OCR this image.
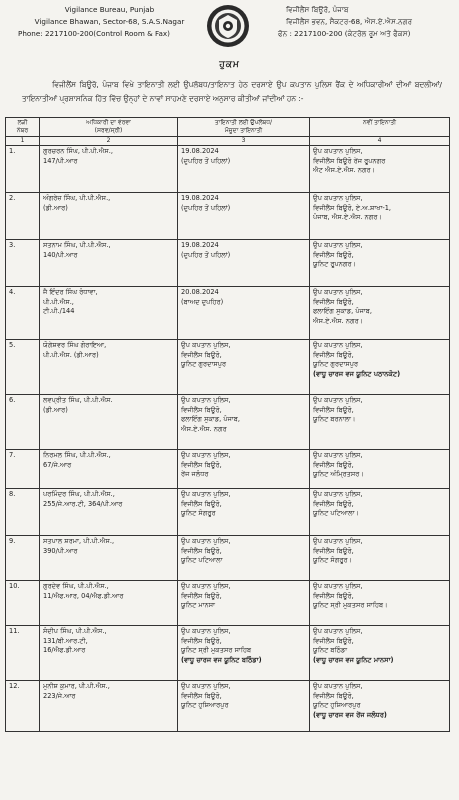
Vigilance Bureau, Punjab
Vigilance Bhawan, Sector-68, S.A.S.Nagar
Phone: 2217100-200(Control Room & Fax)
ਵਿਜੀਲੈਂਸ ਬਿਊਰੋ, ਪੰਜਾਬ
ਵਿਜੀਲੈਂਸ ਭਵਨ, ਸੈਕਟਰ-68, ਐਸ.ਏ.ਐਸ.ਨਗਰ
ਫੋਨ : 2217100-200 (ਕੰਟਰੋਲ ਰੂਮ ਅਤੇ ਫੈਕਸ)
ਹੁਕਮ
ਵਿਜੀਲੈਂਸ ਬਿਊਰੋ, ਪੰਜਾਬ ਵਿਖੇ ਤਾਇਨਾਤੀ ਲਈ ਉਪਲੱਬਧ/ਤਾਇਨਾਤ ਹੇਠ ਦਰਸਾਏ ਉਪ ਕਪਤਾਨ ਪੁਲਿਸ ਰੈਂਕ ਦੇ ਅਧਿਕਾਰੀਆਂ ਦੀਆਂ ਬਦਲੀਆਂ/ਤਾਇਨਾਤੀਆਂ ਪ੍ਰਸ਼ਾਸਨਿਕ ਹਿੱਤ ਵਿੱਚ ਉਨ੍ਹਾਂ ਦੇ ਨਾਵਾਂ ਸਾਹਮਣੇ ਦਰਸਾਏ ਅਨੁਸਾਰ ਕੀਤੀਆਂ ਜਾਂਦੀਆਂ ਹਨ :-
ਲੜੀ
ਨੰਬਰ	ਅਧਿਕਾਰੀ ਦਾ ਵੇਰਵਾ
(ਸਰਵ/ਸ੍ਰੀ)	ਤਾਇਨਾਤੀ ਲਈ ਉਪਲੱਬਧ/
ਮੌਜੂਦਾ ਤਾਇਨਾਤੀ	ਨਵੀਂ ਤਾਇਨਾਤੀ

1	2	3	4
1.	ਗੁਰਚਰਨ ਸਿੰਘ, ਪੀ.ਪੀ.ਐਸ.,
147/ਪੀ.ਆਰ	19.08.2024
(ਦੁਪਹਿਰ ਤੋਂ ਪਹਿਲਾਂ)	ਉਪ ਕਪਤਾਨ ਪੁਲਿਸ,
ਵਿਜੀਲੈਂਸ ਬਿਊਰੋ ਰੇਂਜ ਰੂਪਨਗਰ
ਐਟ ਐਸ.ਏ.ਐਸ. ਨਗਰ।

2.	ਅੰਗਰੇਜ਼ ਸਿੰਘ, ਪੀ.ਪੀ.ਐਸ.,
(ਡੀ.ਆਰ)	19.08.2024
(ਦੁਪਹਿਰ ਤੋਂ ਪਹਿਲਾਂ)	ਉਪ ਕਪਤਾਨ ਪੁਲਿਸ,
ਵਿਜੀਲੈਂਸ ਬਿਊਰੋ, ਏ.ਅ.ਸ਼ਾਖਾ-1,
ਪੰਜਾਬ, ਐਸ.ਏ.ਐਸ. ਨਗਰ।

3.	ਸਤਨਾਮ ਸਿੰਘ, ਪੀ.ਪੀ.ਐਸ.,
140/ਪੀ.ਆਰ	19.08.2024
(ਦੁਪਹਿਰ ਤੋਂ ਪਹਿਲਾਂ)	ਉਪ ਕਪਤਾਨ ਪੁਲਿਸ,
ਵਿਜੀਲੈਂਸ ਬਿਊਰੋ,
ਯੂਨਿਟ ਰੂਪਨਗਰ।

4.	ਜੈ ਇੰਦਰ ਸਿੰਘ ਰੰਧਾਵਾ,
ਪੀ.ਪੀ.ਐਸ.,
ਟੀ.ਪੀ./144	20.08.2024
(ਬਾਅਦ ਦੁਪਹਿਰ)	ਉਪ ਕਪਤਾਨ ਪੁਲਿਸ,
ਵਿਜੀਲੈਂਸ ਬਿਊਰੋ,
ਫਲਾਇੰਗ ਸੁਕਾਡ, ਪੰਜਾਬ,
ਐਸ.ਏ.ਐਸ. ਨਗਰ।

5.	ਯੋਗੇਸ਼ਵਰ ਸਿੰਘ ਗੋਰਾਇਆ,
ਪੀ.ਪੀ.ਐਸ. (ਡੀ.ਆਰ)	ਉਪ ਕਪਤਾਨ ਪੁਲਿਸ,
ਵਿਜੀਲੈਂਸ ਬਿਊਰੋ,
ਯੂਨਿਟ ਗੁਰਦਾਸਪੁਰ	ਉਪ ਕਪਤਾਨ ਪੁਲਿਸ,
ਵਿਜੀਲੈਂਸ ਬਿਊਰੋ,
ਯੂਨਿਟ ਗੁਰਦਾਸਪੁਰ
(ਵਾਧੂ ਚਾਰਜ ਵਜ ਯੂਨਿਟ ਪਠਾਨਕੋਟ)

6.	ਲਵਪ੍ਰੀਤ ਸਿੰਘ, ਪੀ.ਪੀ.ਐਸ.
(ਡੀ.ਆਰ)	ਉਪ ਕਪਤਾਨ ਪੁਲਿਸ,
ਵਿਜੀਲੈਂਸ ਬਿਊਰੋ,
ਫਲਾਇੰਗ ਸੁਕਾਡ, ਪੰਜਾਬ,
ਐਸ.ਏ.ਐਸ. ਨਗਰ	ਉਪ ਕਪਤਾਨ ਪੁਲਿਸ,
ਵਿਜੀਲੈਂਸ ਬਿਊਰੋ,
ਯੂਨਿਟ ਬਰਨਾਲਾ।

7.	ਨਿਰਮਲ ਸਿੰਘ, ਪੀ.ਪੀ.ਐਸ.,
67/ਜੇ.ਆਰ	ਉਪ ਕਪਤਾਨ ਪੁਲਿਸ,
ਵਿਜੀਲੈਂਸ ਬਿਊਰੋ,
ਰੇਂਜ ਜਲੰਧਰ	ਉਪ ਕਪਤਾਨ ਪੁਲਿਸ,
ਵਿਜੀਲੈਂਸ ਬਿਊਰੋ,
ਯੂਨਿਟ ਅੰਮ੍ਰਿਤਸਰ।

8.	ਪਰਮਿੰਦਰ ਸਿੰਘ, ਪੀ.ਪੀ.ਐਸ.,
255/ਜੇ.ਆਰ.ਟੀ, 364/ਪੀ.ਆਰ	ਉਪ ਕਪਤਾਨ ਪੁਲਿਸ,
ਵਿਜੀਲੈਂਸ ਬਿਊਰੋ,
ਯੂਨਿਟ ਸੰਗਰੂਰ	ਉਪ ਕਪਤਾਨ ਪੁਲਿਸ,
ਵਿਜੀਲੈਂਸ ਬਿਊਰੋ,
ਯੂਨਿਟ ਪਟਿਆਲਾ।

9.	ਸਤਪਾਲ ਸ਼ਰਮਾ, ਪੀ.ਪੀ.ਐਸ.,
390/ਪੀ.ਆਰ	ਉਪ ਕਪਤਾਨ ਪੁਲਿਸ,
ਵਿਜੀਲੈਂਸ ਬਿਊਰੋ,
ਯੂਨਿਟ ਪਟਿਆਲਾ	ਉਪ ਕਪਤਾਨ ਪੁਲਿਸ,
ਵਿਜੀਲੈਂਸ ਬਿਊਰੋ,
ਯੂਨਿਟ ਸੰਗਰੂਰ।

10.	ਗੁਰਦੇਵ ਸਿੰਘ, ਪੀ.ਪੀ.ਐਸ.,
11/ਐਫ.ਆਰ, 04/ਐਫ.ਡੀ.ਆਰ	ਉਪ ਕਪਤਾਨ ਪੁਲਿਸ,
ਵਿਜੀਲੈਂਸ ਬਿਊਰੋ,
ਯੂਨਿਟ ਮਾਨਸਾ	ਉਪ ਕਪਤਾਨ ਪੁਲਿਸ,
ਵਿਜੀਲੈਂਸ ਬਿਊਰੋ,
ਯੂਨਿਟ ਸ੍ਰੀ ਮੁਕਤਸਰ ਸਾਹਿਬ।

11.	ਸੰਦੀਪ ਸਿੰਘ, ਪੀ.ਪੀ.ਐਸ.,
131/ਬੀ.ਆਰ.ਟੀ,
16/ਐਫ.ਡੀ.ਆਰ	ਉਪ ਕਪਤਾਨ ਪੁਲਿਸ,
ਵਿਜੀਲੈਂਸ ਬਿਊਰੋ,
ਯੂਨਿਟ ਸ੍ਰੀ ਮੁਕਤਸਰ ਸਾਹਿਬ
(ਵਾਧੂ ਚਾਰਜ ਵਜ ਯੂਨਿਟ ਬਠਿੰਡਾ)	ਉਪ ਕਪਤਾਨ ਪੁਲਿਸ,
ਵਿਜੀਲੈਂਸ ਬਿਊਰੋ,
ਯੂਨਿਟ ਬਠਿੰਡਾ
(ਵਾਧੂ ਚਾਰਜ ਵਜ ਯੂਨਿਟ ਮਾਨਸਾ)

12.	ਮੁਨੀਸ਼ ਕੁਮਾਰ, ਪੀ.ਪੀ.ਐਸ.,
223/ਜੇ.ਆਰ	ਉਪ ਕਪਤਾਨ ਪੁਲਿਸ,
ਵਿਜੀਲੈਂਸ ਬਿਊਰੋ,
ਯੂਨਿਟ ਹੁਸ਼ਿਆਰਪੁਰ	ਉਪ ਕਪਤਾਨ ਪੁਲਿਸ,
ਵਿਜੀਲੈਂਸ ਬਿਊਰੋ,
ਯੂਨਿਟ ਹੁਸ਼ਿਆਰਪੁਰ
(ਵਾਧੂ ਚਾਰਜ ਵਜ ਰੇਂਜ ਜਲੰਧਰ)
